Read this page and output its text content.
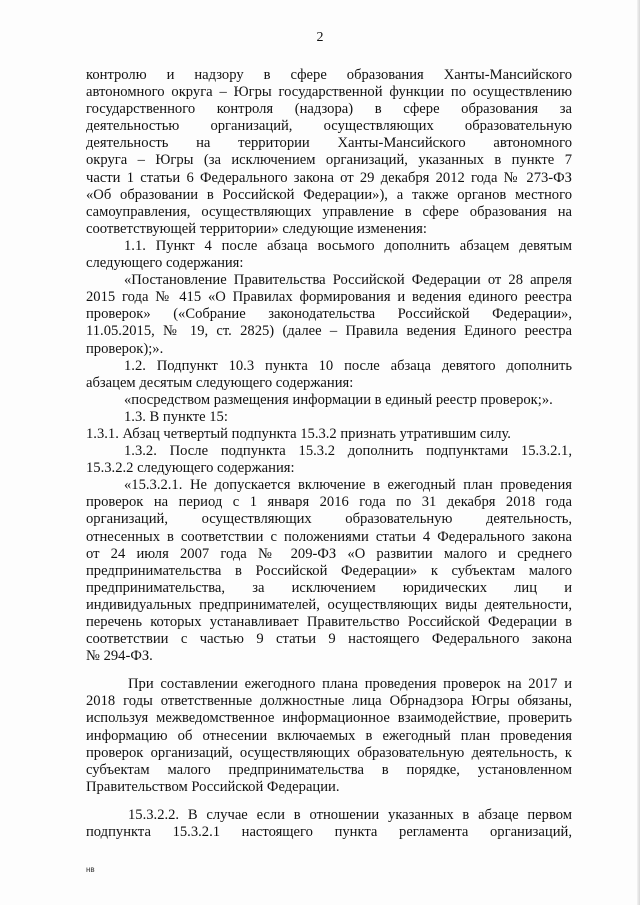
2

контролю и надзору в сфере образования Ханты-Мансийского

автономного округа – Югры государственной функции по осуществлению

государственного контроля (надзора) в сфере образования за

деятельностью организаций, осуществляющих образовательную

деятельность на территории Ханты-Мансийского автономного

округа – Югры (за исключением организаций, указанных в пункте 7

части 1 статьи 6 Федерального закона от 29 декабря 2012 года № 273-ФЗ

«Об образовании в Российской Федерации»), а также органов местного

самоуправления, осуществляющих управление в сфере образования на

соответствующей территории» следующие изменения:

1.1. Пункт 4 после абзаца восьмого дополнить абзацем девятым

следующего содержания:

«Постановление Правительства Российской Федерации от 28 апреля

2015 года № 415 «О Правилах формирования и ведения единого реестра

проверок» («Собрание законодательства Российской Федерации»,

11.05.2015, № 19, ст. 2825) (далее – Правила ведения Единого реестра

проверок);».

1.2. Подпункт 10.3 пункта 10 после абзаца девятого дополнить

абзацем десятым следующего содержания:

«посредством размещения информации в единый реестр проверок;».

1.3. В пункте 15:

1.3.1. Абзац четвертый подпункта 15.3.2 признать утратившим силу.

1.3.2. После подпункта 15.3.2 дополнить подпунктами 15.3.2.1,

15.3.2.2 следующего содержания:

«15.3.2.1. Не допускается включение в ежегодный план проведения

проверок на период с 1 января 2016 года по 31 декабря 2018 года

организаций, осуществляющих образовательную деятельность,

отнесенных в соответствии с положениями статьи 4 Федерального закона

от 24 июля 2007 года № 209-ФЗ «О развитии малого и среднего

предпринимательства в Российской Федерации» к субъектам малого

предпринимательства, за исключением юридических лиц и

индивидуальных предпринимателей, осуществляющих виды деятельности,

перечень которых устанавливает Правительство Российской Федерации в

соответствии с частью 9 статьи 9 настоящего Федерального закона

№ 294-ФЗ.

При составлении ежегодного плана проведения проверок на 2017 и

2018 годы ответственные должностные лица Обрнадзора Югры обязаны,

используя межведомственное информационное взаимодействие, проверить

информацию об отнесении включаемых в ежегодный план проведения

проверок организаций, осуществляющих образовательную деятельность, к

субъектам малого предпринимательства в порядке, установленном

Правительством Российской Федерации.

15.3.2.2. В случае если в отношении указанных в абзаце первом

подпункта 15.3.2.1 настоящего пункта регламента организаций,

нв
